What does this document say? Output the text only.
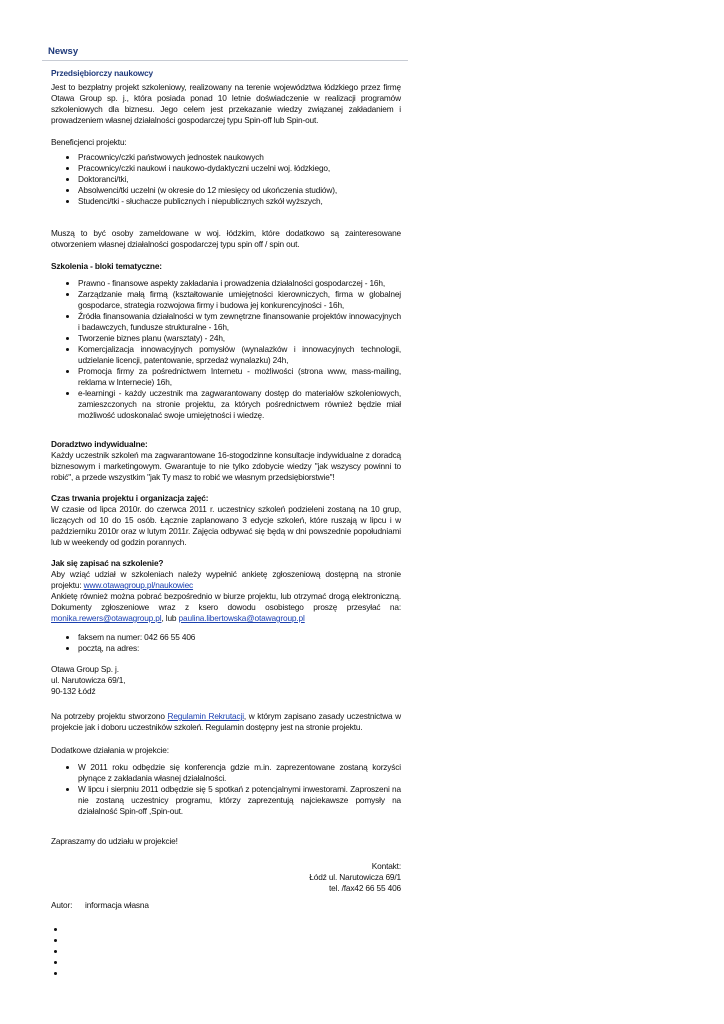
Newsy

Przedsiębiorczy naukowcy

Jest to bezpłatny projekt szkoleniowy, realizowany na terenie województwa łódzkiego przez firmę Otawa Group sp. j., która posiada ponad 10 letnie doświadczenie w realizacji programów szkoleniowych dla biznesu. Jego celem jest przekazanie wiedzy związanej zakładaniem i prowadzeniem własnej działalności gospodarczej typu Spin-off lub Spin-out.

Beneficjenci projektu:

• Pracownicy/czki państwowych jednostek naukowych
• Pracownicy/czki naukowi i naukowo-dydaktyczni uczelni woj. łódzkiego,
• Doktoranci/tki,
• Absolwenci/tki uczelni (w okresie do 12 miesięcy od ukończenia studiów),
• Studenci/tki - słuchacze publicznych i niepublicznych szkół wyższych,

Muszą to być osoby zameldowane w woj. łódzkim, które dodatkowo są zainteresowane otworzeniem własnej działalności gospodarczej typu spin off / spin out.

Szkolenia - bloki tematyczne:

• Prawno - finansowe aspekty zakładania i prowadzenia działalności gospodarczej - 16h,
• Zarządzanie małą firmą (kształtowanie umiejętności kierowniczych, firma w globalnej gospodarce, strategia rozwojowa firmy i budowa jej konkurencyjności - 16h,
• Źródła finansowania działalności w tym zewnętrzne finansowanie projektów innowacyjnych i badawczych, fundusze strukturalne - 16h,
• Tworzenie biznes planu (warsztaty) - 24h,
• Komercjalizacja innowacyjnych pomysłów (wynalazków i innowacyjnych technologii, udzielanie licencji, patentowanie, sprzedaż wynalazku) 24h,
• Promocja firmy za pośrednictwem Internetu - możliwości (strona www, mass-mailing, reklama w Internecie) 16h,
• e-learningi - każdy uczestnik ma zagwarantowany dostęp do materiałów szkoleniowych, zamieszczonych na stronie projektu, za których pośrednictwem również będzie miał możliwość udoskonalać swoje umiejętności i wiedzę.

Doradztwo indywidualne:

Każdy uczestnik szkoleń ma zagwarantowane 16-stogodzinne konsultacje indywidualne z doradcą biznesowym i marketingowym. Gwarantuje to nie tylko zdobycie wiedzy "jak wszyscy powinni to robić", a przede wszystkim "jak Ty masz to robić we własnym przedsiębiorstwie"!

Czas trwania projektu i organizacja zajęć:

W czasie od lipca 2010r. do czerwca 2011 r. uczestnicy szkoleń podzieleni zostaną na 10 grup, liczących od 10 do 15 osób. Łącznie zaplanowano 3 edycje szkoleń, które ruszają w lipcu i w październiku 2010r oraz w lutym 2011r. Zajęcia odbywać się będą w dni powszednie popołudniami lub w weekendy od godzin porannych.

Jak się zapisać na szkolenie?

Aby wziąć udział w szkoleniach należy wypełnić ankietę zgłoszeniową dostępną na stronie projektu: www.otawagroup.pl/naukowiec

Ankietę również można pobrać bezpośrednio w biurze projektu, lub otrzymać drogą elektroniczną. Dokumenty zgłoszeniowe wraz z ksero dowodu osobistego proszę przesyłać na: monika.rewers@otawagroup.pl, lub paulina.libertowska@otawagroup.pl

• faksem na numer: 042 66 55 406
• pocztą, na adres:

Otawa Group Sp. j.
ul. Narutowicza 69/1,
90-132 Łódź

Na potrzeby projektu stworzono Regulamin Rekrutacji, w którym zapisano zasady uczestnictwa w projekcie jak i doboru uczestników szkoleń. Regulamin dostępny jest na stronie projektu.

Dodatkowe działania w projekcie:

• W 2011 roku odbędzie się konferencja gdzie m.in. zaprezentowane zostaną korzyści płynące z zakładania własnej działalności.
• W lipcu i sierpniu 2011 odbędzie się 5 spotkań z potencjalnymi inwestorami. Zaproszeni na nie zostaną uczestnicy programu, którzy zaprezentują najciekawsze pomysły na działalność Spin-off ,Spin-out.

Zapraszamy do udziału w projekcie!

Kontakt:
Łódź ul. Narutowicza 69/1
tel. /fax42 66 55 406

Autor:	informacja własna

•
•
•
•
•
